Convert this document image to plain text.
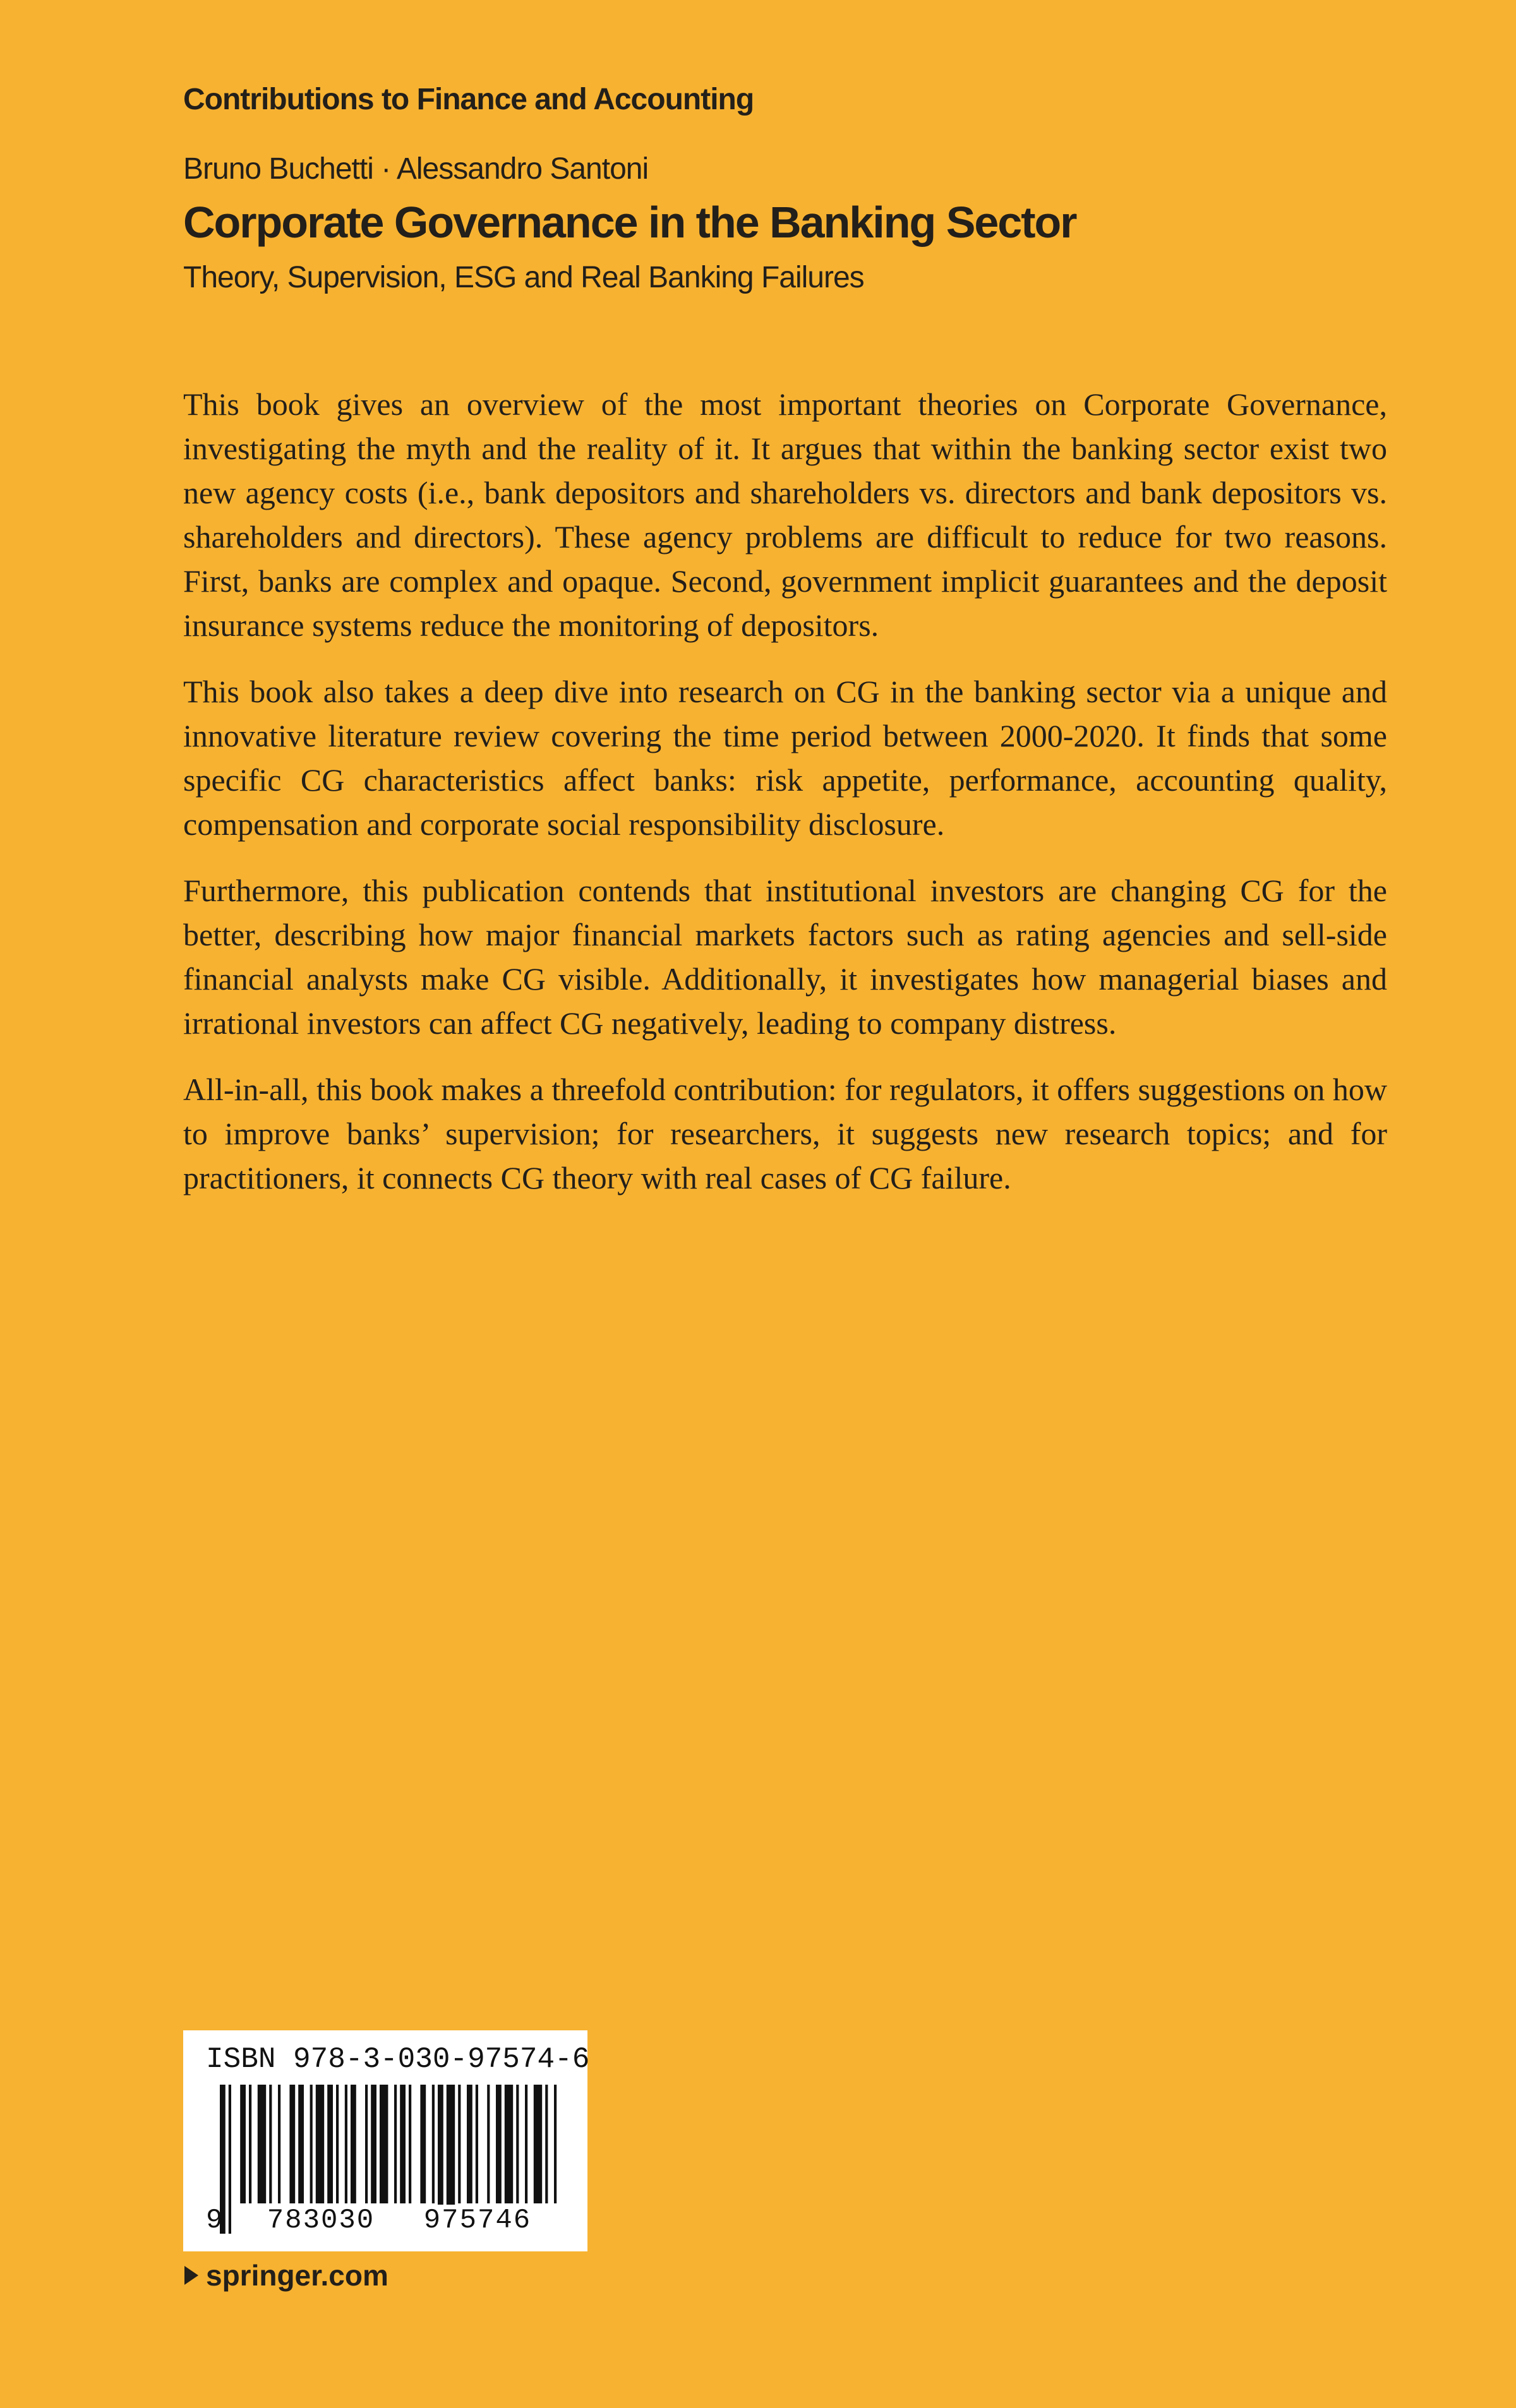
Contributions to Finance and Accounting
Bruno Buchetti · Alessandro Santoni
Corporate Governance in the Banking Sector
Theory, Supervision, ESG and Real Banking Failures

This book gives an overview of the most important theories on Corporate Governance, investigating the myth and the reality of it. It argues that within the banking sector exist two new agency costs (i.e., bank depositors and shareholders vs. directors and bank depositors vs. shareholders and directors). These agency problems are difficult to reduce for two reasons. First, banks are complex and opaque. Second, government implicit guarantees and the deposit insurance systems reduce the monitoring of depositors.

This book also takes a deep dive into research on CG in the banking sector via a unique and innovative literature review covering the time period between 2000-2020. It finds that some specific CG characteristics affect banks: risk appetite, performance, accounting quality, compensation and corporate social responsibility disclosure.

Furthermore, this publication contends that institutional investors are changing CG for the better, describing how major financial markets factors such as rating agencies and sell-side financial analysts make CG visible. Additionally, it investigates how managerial biases and irrational investors can affect CG negatively, leading to company distress.

All-in-all, this book makes a threefold contribution: for regulators, it offers suggestions on how to improve banks’ supervision; for researchers, it suggests new research topics; and for practitioners, it connects CG theory with real cases of CG failure.

ISBN 978-3-030-97574-6
9	783030	975746
springer.com
